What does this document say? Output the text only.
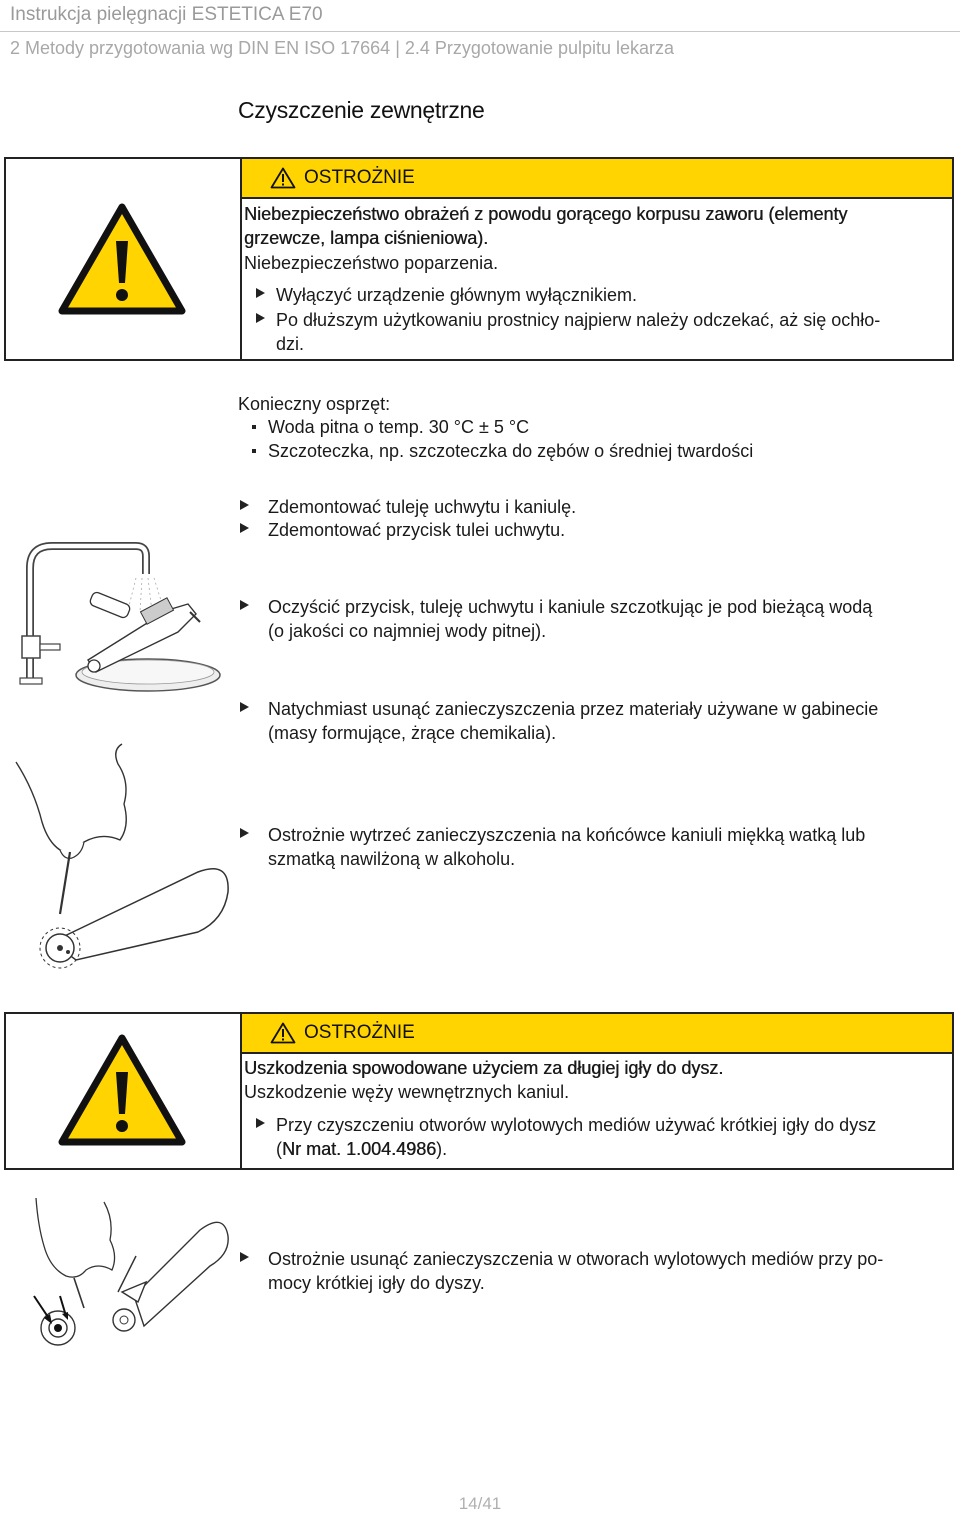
Instrukcja pielęgnacji ESTETICA E70
2 Metody przygotowania wg DIN EN ISO 17664 | 2.4 Przygotowanie pulpitu lekarza
Czyszczenie zewnętrzne
OSTROŻNIE
Niebezpieczeństwo obrażeń z powodu gorącego korpusu zaworu (elementy
grzewcze, lampa ciśnieniowa).
Niebezpieczeństwo poparzenia.
Wyłączyć urządzenie głównym wyłącznikiem.
Po dłuższym użytkowaniu prostnicy najpierw należy odczekać, aż się ochło-
dzi.
Konieczny osprzęt:
Woda pitna o temp. 30 °C ± 5 °C
Szczoteczka, np. szczoteczka do zębów o średniej twardości
Zdemontować tuleję uchwytu i kaniulę.
Zdemontować przycisk tulei uchwytu.
Oczyścić przycisk, tuleję uchwytu i kaniule szczotkując je pod bieżącą wodą
(o jakości co najmniej wody pitnej).
Natychmiast usunąć zanieczyszczenia przez materiały używane w gabinecie
(masy formujące, żrące chemikalia).
Ostrożnie wytrzeć zanieczyszczenia na końcówce kaniuli miękką watką lub
szmatką nawilżoną w alkoholu.
OSTROŻNIE
Uszkodzenia spowodowane użyciem za długiej igły do dysz.
Uszkodzenie węży wewnętrznych kaniul.
Przy czyszczeniu otworów wylotowych mediów używać krótkiej igły do dysz
(Nr mat. 1.004.4986).
Ostrożnie usunąć zanieczyszczenia w otworach wylotowych mediów przy po-
mocy krótkiej igły do dyszy.
14/41
